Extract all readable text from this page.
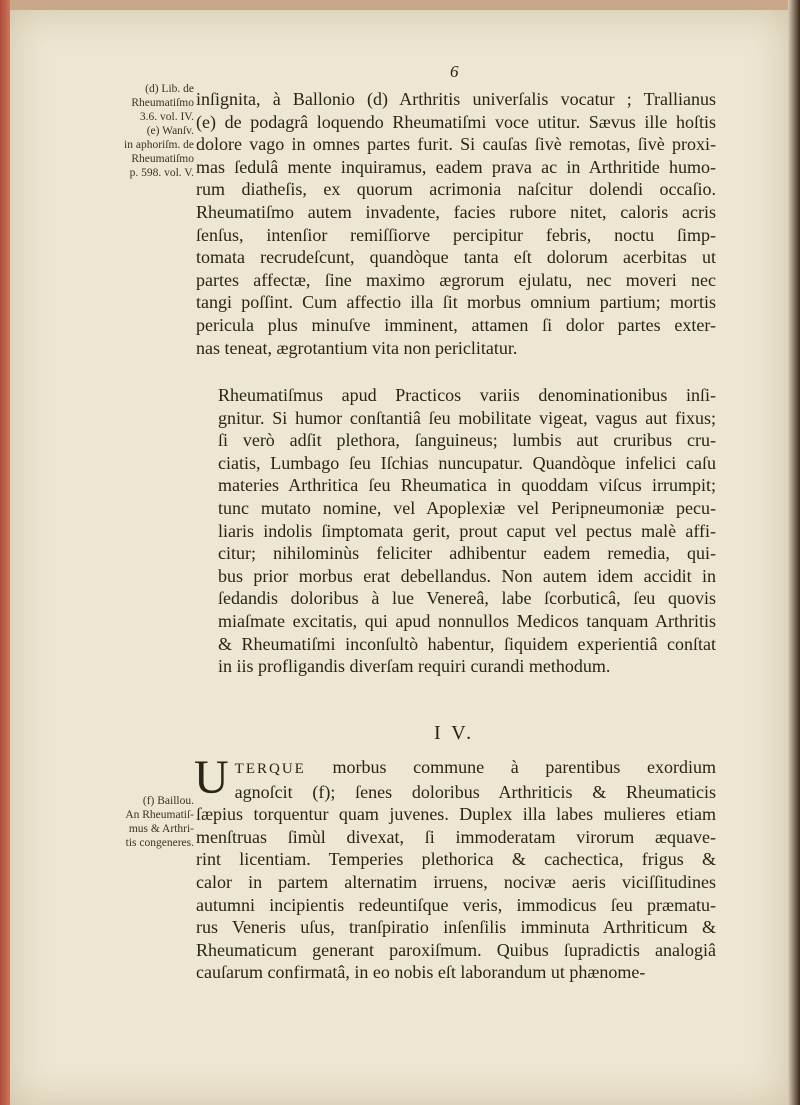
6
(d) Lib. de
Rheumatiſmo
3.6. vol. IV.
(e) Wanſv.
in aphoriſm. de
Rheumatiſmo
p. 598. vol. V.
(f) Baillou.
An Rheumatiſ-
mus & Arthri-
tis congeneres.
inſignita, à Ballonio (d) Arthritis univerſalis vocatur ; Trallianus
(e) de podagrâ loquendo Rheumatiſmi voce utitur. Sævus ille hoſtis
dolore vago in omnes partes furit. Si cauſas ſivè remotas, ſivè proxi-
mas ſedulâ mente inquiramus, eadem prava ac in Arthritide humo-
rum diatheſis, ex quorum acrimonia naſcitur dolendi occaſio.
Rheumatiſmo autem invadente, facies rubore nitet, caloris acris
ſenſus, intenſior remiſſiorve percipitur febris, noctu ſimp-
tomata recrudeſcunt, quandòque tanta eſt dolorum acerbitas ut
partes affectæ, ſine maximo ægrorum ejulatu, nec moveri nec
tangi poſſint. Cum affectio illa ſit morbus omnium partium; mortis
pericula plus minuſve imminent, attamen ſi dolor partes exter-
nas teneat, ægrotantium vita non periclitatur.
Rheumatiſmus apud Practicos variis denominationibus inſi-
gnitur. Si humor conſtantiâ ſeu mobilitate vigeat, vagus aut fixus;
ſi verò adſit plethora, ſanguineus; lumbis aut cruribus cru-
ciatis, Lumbago ſeu Iſchias nuncupatur. Quandòque infelici caſu
materies Arthritica ſeu Rheumatica in quoddam viſcus irrumpit;
tunc mutato nomine, vel Apoplexiæ vel Peripneumoniæ pecu-
liaris indolis ſimptomata gerit, prout caput vel pectus malè affi-
citur; nihilominùs feliciter adhibentur eadem remedia, qui-
bus prior morbus erat debellandus. Non autem idem accidit in
ſedandis doloribus à lue Venereâ, labe ſcorbuticâ, ſeu quovis
miaſmate excitatis, qui apud nonnullos Medicos tanquam Arthritis
& Rheumatiſmi inconſultò habentur, ſiquidem experientiâ conſtat
in iis profligandis diverſam requiri curandi methodum.
I V.
U TERQUE morbus commune à parentibus exordium
agnoſcit (f); ſenes doloribus Arthriticis & Rheumaticis
ſæpius torquentur quam juvenes. Duplex illa labes mulieres etiam
menſtruas ſimùl divexat, ſi immoderatam virorum æquave-
rint licentiam. Temperies plethorica & cachectica, frigus &
calor in partem alternatim irruens, nocivæ aeris viciſſitudines
autumni incipientis redeuntiſque veris, immodicus ſeu præmatu-
rus Veneris uſus, tranſpiratio inſenſilis imminuta Arthriticum &
Rheumaticum generant paroxiſmum. Quibus ſupradictis analogiâ
cauſarum confirmatâ, in eo nobis eſt laborandum ut phænome-
